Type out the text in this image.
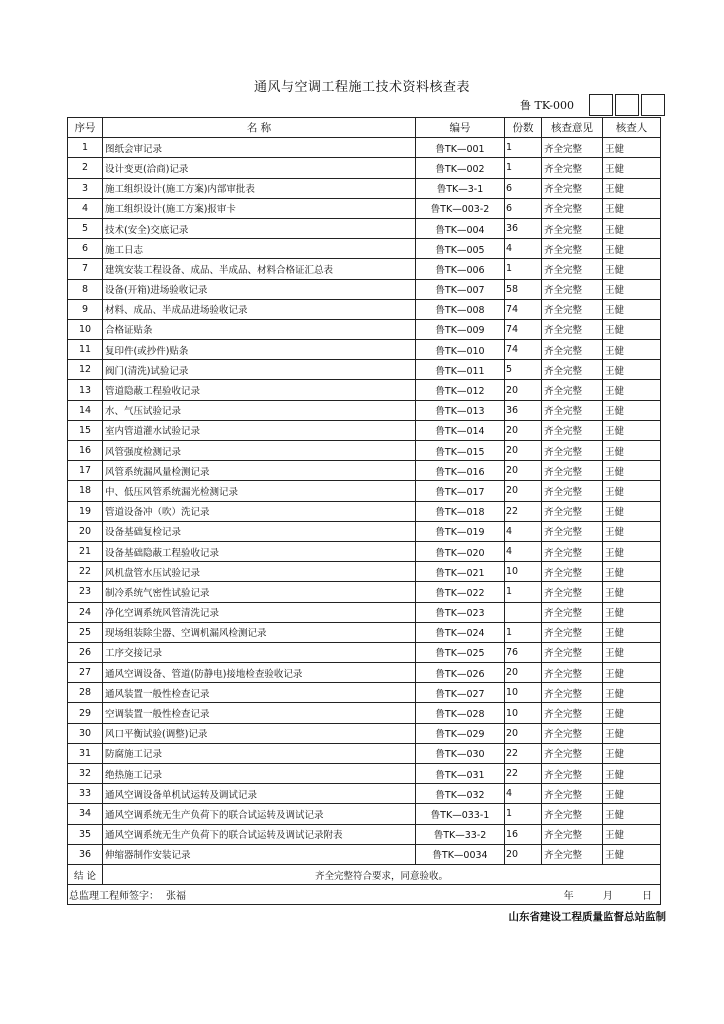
通风与空调工程施工技术资料核查表
鲁 TK-000
序号	名 称	编号	份数	核查意见	核查人
1	图纸会审记录	鲁TK—001	1	齐全完整	王健
2	设计变更(洽商)记录	鲁TK—002	1	齐全完整	王健
3	施工组织设计(施工方案)内部审批表	鲁TK—3-1	6	齐全完整	王健
4	施工组织设计(施工方案)报审卡	鲁TK—003-2	6	齐全完整	王健
5	技术(安全)交底记录	鲁TK—004	36	齐全完整	王健
6	施工日志	鲁TK—005	4	齐全完整	王健
7	建筑安装工程设备、成品、半成品、材料合格证汇总表	鲁TK—006	1	齐全完整	王健
8	设备(开箱)进场验收记录	鲁TK—007	58	齐全完整	王健
9	材料、成品、半成品进场验收记录	鲁TK—008	74	齐全完整	王健
10	合格证贴条	鲁TK—009	74	齐全完整	王健
11	复印件(或抄件)贴条	鲁TK—010	74	齐全完整	王健
12	阀门(清洗)试验记录	鲁TK—011	5	齐全完整	王健
13	管道隐蔽工程验收记录	鲁TK—012	20	齐全完整	王健
14	水、气压试验记录	鲁TK—013	36	齐全完整	王健
15	室内管道灌水试验记录	鲁TK—014	20	齐全完整	王健
16	风管强度检测记录	鲁TK—015	20	齐全完整	王健
17	风管系统漏风量检测记录	鲁TK—016	20	齐全完整	王健
18	中、低压风管系统漏光检测记录	鲁TK—017	20	齐全完整	王健
19	管道设备冲（吹）洗记录	鲁TK—018	22	齐全完整	王健
20	设备基础复检记录	鲁TK—019	4	齐全完整	王健
21	设备基础隐蔽工程验收记录	鲁TK—020	4	齐全完整	王健
22	风机盘管水压试验记录	鲁TK—021	10	齐全完整	王健
23	制冷系统气密性试验记录	鲁TK—022	1	齐全完整	王健
24	净化空调系统风管清洗记录	鲁TK—023		齐全完整	王健
25	现场组装除尘器、空调机漏风检测记录	鲁TK—024	1	齐全完整	王健
26	工序交接记录	鲁TK—025	76	齐全完整	王健
27	通风空调设备、管道(防静电)接地检查验收记录	鲁TK—026	20	齐全完整	王健
28	通风装置一般性检查记录	鲁TK—027	10	齐全完整	王健
29	空调装置一般性检查记录	鲁TK—028	10	齐全完整	王健
30	风口平衡试验(调整)记录	鲁TK—029	20	齐全完整	王健
31	防腐施工记录	鲁TK—030	22	齐全完整	王健
32	绝热施工记录	鲁TK—031	22	齐全完整	王健
33	通风空调设备单机试运转及调试记录	鲁TK—032	4	齐全完整	王健
34	通风空调系统无生产负荷下的联合试运转及调试记录	鲁TK—033-1	1	齐全完整	王健
35	通风空调系统无生产负荷下的联合试运转及调试记录附表	鲁TK—33-2	16	齐全完整	王健
36	伸缩器制作安装记录	鲁TK—0034	20	齐全完整	王健
结 论	齐全完整符合要求，同意验收。				
总监理工程师签字： 张福 年 月 日					
山东省建设工程质量监督总站监制
